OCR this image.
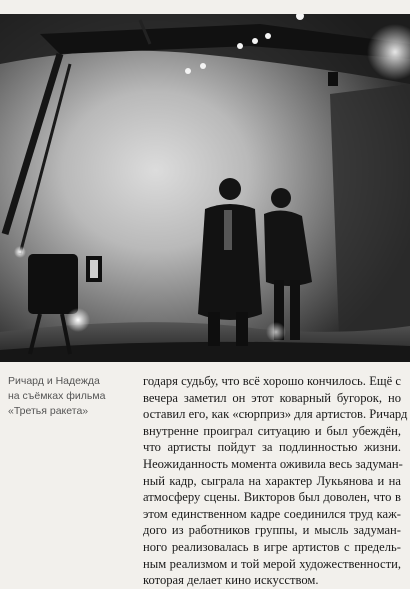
Ричард и Надежда
на съёмках фильма
«Третья ракета»
годаря судьбу, что всё хорошо кончилось. Ещё с
вечера заметил он этот коварный бугорок, но
оставил его, как «сюрприз» для артистов. Ричард
внутренне проиграл ситуацию и был убеждён,
что артисты пойдут за подлинностью жизни.
Неожиданность момента оживила весь задуман-
ный кадр, сыграла на характер Лукьянова и на
атмосферу сцены. Викторов был доволен, что в
этом единственном кадре соединился труд каж-
дого из работников группы, и мысль задуман-
ного реализовалась в игре артистов с предель-
ным реализмом и той мерой художественности,
которая делает кино искусством.
